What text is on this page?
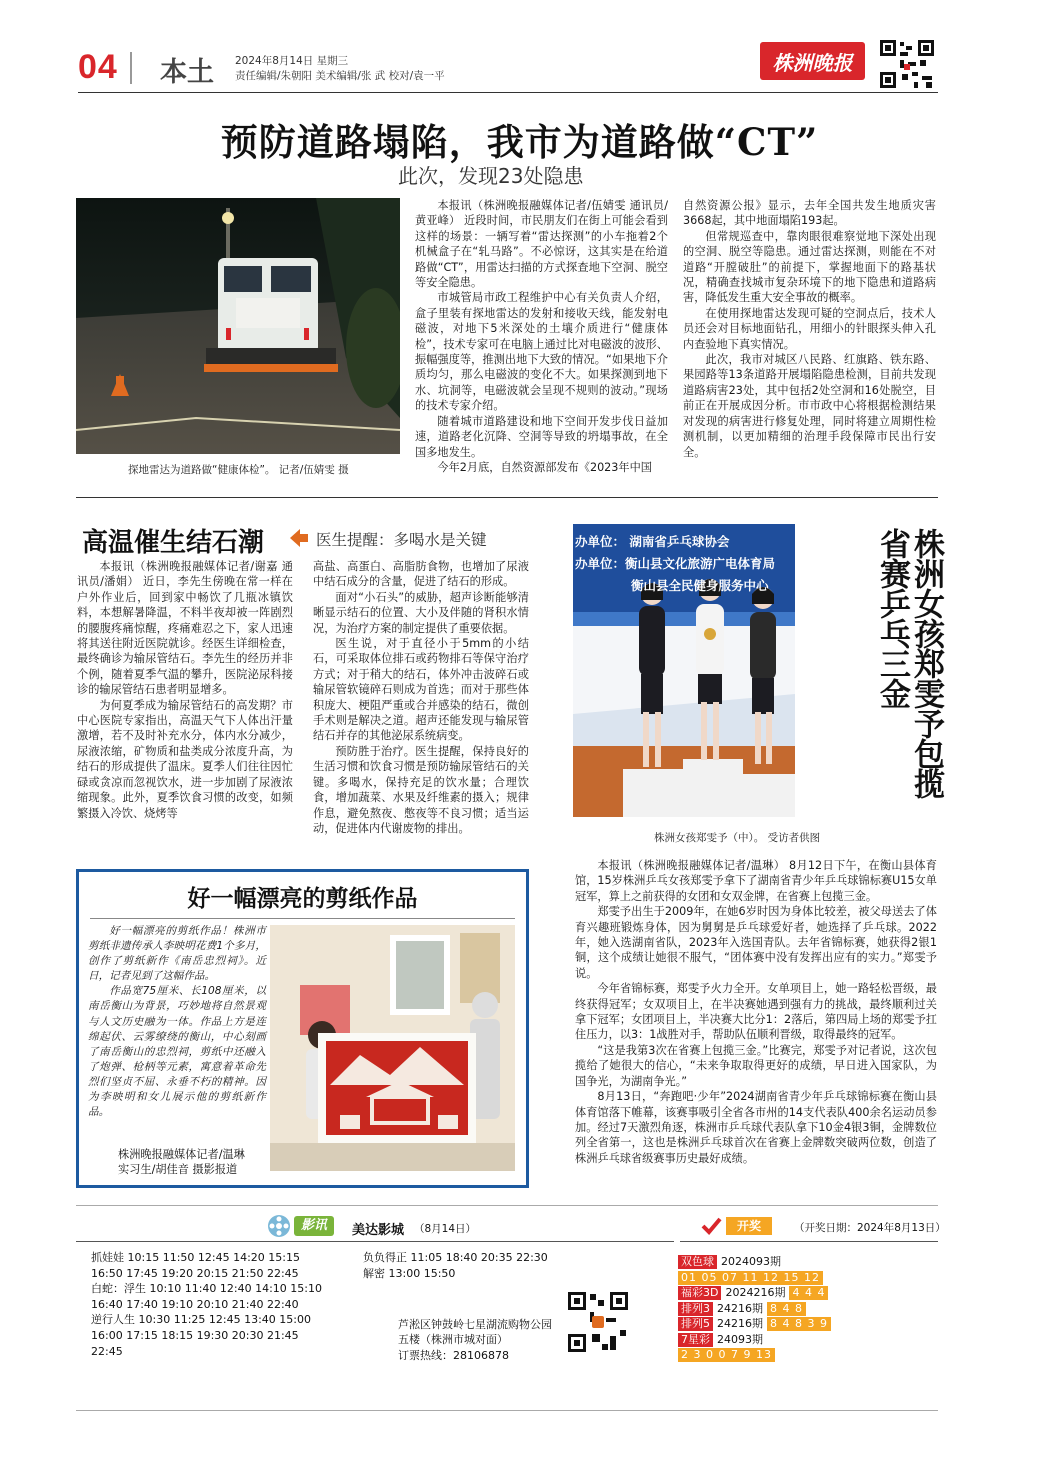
04 本土 2024年8月14日 星期三
责任编辑/朱朝阳 美术编辑/张 武 校对/袁一平
株洲晚报
预防道路塌陷，我市为道路做“CT”
此次，发现23处隐患
探地雷达为道路做“健康体检”。 记者/伍婧雯 摄

本报讯（株洲晚报融媒体记者/伍婧雯 通讯员/黄亚峰） 近段时间，市民朋友们在街上可能会看到这样的场景：一辆写着“雷达探测”的小车拖着2个机械盒子在“轧马路”。不必惊讶，这其实是在给道路做“CT”，用雷达扫描的方式探查地下空洞、脱空等安全隐患。

市城管局市政工程维护中心有关负责人介绍，盒子里装有探地雷达的发射和接收天线，能发射电磁波，对地下5米深处的土壤介质进行“健康体检”，技术专家可在电脑上通过比对电磁波的波形、振幅强度等，推测出地下大致的情况。“如果地下介质均匀，那么电磁波的变化不大。如果探测到地下水、坑洞等，电磁波就会呈现不规则的波动。”现场的技术专家介绍。

随着城市道路建设和地下空间开发步伐日益加速，道路老化沉降、空洞等导致的坍塌事故，在全国多地发生。

今年2月底，自然资源部发布《2023年中国

自然资源公报》显示，去年全国共发生地质灾害3668起，其中地面塌陷193起。

但常规巡查中，靠肉眼很难察觉地下深处出现的空洞、脱空等隐患。通过雷达探测，则能在不对道路“开膛破肚”的前提下，掌握地面下的路基状况，精确查找城市复杂环境下的地下隐患和道路病害，降低发生重大安全事故的概率。

在使用探地雷达发现可疑的空洞点后，技术人员还会对目标地面钻孔，用细小的针眼探头伸入孔内查验地下真实情况。

此次，我市对城区八民路、红旗路、铁东路、果园路等13条道路开展塌陷隐患检测，目前共发现道路病害23处，其中包括2处空洞和16处脱空，目前正在开展成因分析。市市政中心将根据检测结果对发现的病害进行修复处理，同时将建立周期性检测机制，以更加精细的治理手段保障市民出行安全。

高温催生结石潮	医生提醒：多喝水是关键

本报讯（株洲晚报融媒体记者/谢嘉 通讯员/潘娟） 近日，李先生傍晚在常一样在户外作业后，回到家中畅饮了几瓶冰镇饮料，本想解暑降温，不料半夜却被一阵剧烈的腰腹疼痛惊醒，疼痛难忍之下，家人迅速将其送往附近医院就诊。经医生详细检查，最终确诊为输尿管结石。李先生的经历并非个例，随着夏季气温的攀升，医院泌尿科接诊的输尿管结石患者明显增多。

为何夏季成为输尿管结石的高发期？市中心医院专家指出，高温天气下人体出汗量激增，若不及时补充水分，体内水分减少，尿液浓缩，矿物质和盐类成分浓度升高，为结石的形成提供了温床。夏季人们往往因忙碌或贪凉而忽视饮水，进一步加剧了尿液浓缩现象。此外，夏季饮食习惯的改变，如频繁摄入冷饮、烧烤等

高盐、高蛋白、高脂肪食物，也增加了尿液中结石成分的含量，促进了结石的形成。

面对“小石头”的威胁，超声诊断能够清晰显示结石的位置、大小及伴随的肾积水情况，为治疗方案的制定提供了重要依据。

医生说，对于直径小于5mm的小结石，可采取体位排石或药物排石等保守治疗方式；对于稍大的结石，体外冲击波碎石或输尿管软镜碎石则成为首选；而对于那些体积庞大、梗阻严重或合并感染的结石，微创手术则是解决之道。超声还能发现与输尿管结石并存的其他泌尿系统病变。

预防胜于治疗。医生提醒，保持良好的生活习惯和饮食习惯是预防输尿管结石的关键。多喝水，保持充足的饮水量；合理饮食，增加蔬菜、水果及纤维素的摄入；规律作息，避免熬夜、憋夜等不良习惯；适当运动，促进体内代谢废物的排出。

办单位： 湖南省乒乓球协会
办单位：衡山县文化旅游广电体育局
衡山县全民健身服务中心
株洲女孩郑雯予（中）。 受访者供图
株洲女孩郑雯予包揽省赛乒乓三金

本报讯（株洲晚报融媒体记者/温琳） 8月12日下午，在衡山县体育馆，15岁株洲乒乓女孩郑雯予拿下了湖南省青少年乒乓球锦标赛U15女单冠军，算上之前获得的女团和女双金牌，在省赛上包揽三金。

郑雯予出生于2009年，在她6岁时因为身体比较差，被父母送去了体育兴趣班锻炼身体，因为舅舅是乒乓球爱好者，她选择了乒乓球。2022年，她入选湖南省队，2023年入选国青队。去年省锦标赛，她获得2银1铜，这个成绩让她很不服气，“团体赛中没有发挥出应有的实力。”郑雯予说。

今年省锦标赛，郑雯予火力全开。女单项目上，她一路轻松晋级，最终获得冠军；女双项目上，在半决赛她遇到强有力的挑战，最终顺利过关拿下冠军；女团项目上，半决赛大比分1：2落后，第四局上场的郑雯予扛住压力，以3：1战胜对手，帮助队伍顺利晋级，取得最终的冠军。

“这是我第3次在省赛上包揽三金。”比赛完，郑雯予对记者说，这次包揽给了她很大的信心，“未来争取取得更好的成绩，早日进入国家队，为国争光，为湖南争光。”

8月13日，“奔跑吧·少年”2024湖南省青少年乒乓球锦标赛在衡山县体育馆落下帷幕，该赛事吸引全省各市州的14支代表队400余名运动员参加。经过7天激烈角逐，株洲市乒乓球代表队拿下10金4银3铜，金牌数位列全省第一，这也是株洲乒乓球首次在省赛上金牌数突破两位数，创造了株洲乒乓球省级赛事历史最好成绩。

好一幅漂亮的剪纸作品

好一幅漂亮的剪纸作品！株洲市剪纸非遗传承人李映明花费1个多月，创作了剪纸新作《南岳忠烈祠》。近日，记者见到了这幅作品。

作品宽75厘米、长108厘米，以南岳衡山为背景，巧妙地将自然景观与人文历史融为一体。作品上方是连绵起伏、云雾缭绕的衡山，中心刻画了南岳衡山的忠烈祠，剪纸中还融入了炮弹、枪柄等元素，寓意着革命先烈们坚贞不屈、永垂不朽的精神。因为李映明和女儿展示他的剪纸新作品。

株洲晚报融媒体记者/温琳
实习生/胡佳音 摄影报道
影讯	美达影城 （8月14日）
抓娃娃 10:15 11:50 12:45 14:20 15:15
16:50 17:45 19:20 20:15 21:50 22:45
白蛇：浮生 10:10 11:40 12:40 14:10 15:10
16:40 17:40 19:10 20:10 21:40 22:40
逆行人生 10:30 11:25 12:45 13:40 15:00
16:00 17:15 18:15 19:30 20:30 21:45
22:45
负负得正 11:05 18:40 20:35 22:30
解密 13:00 15:50
芦淞区钟鼓岭七星湖流购物公园
五楼（株洲市城对面）
订票热线：28106878
开奖	（开奖日期：2024年8月13日）
双色球 2024093期
01 05 07 11 12 15 12
福彩3D 2024216期 4 4 4
排列3 24216期 8 4 8
排列5 24216期 8 4 8 3 9
7星彩 24093期
2 3 0 0 7 9 13
